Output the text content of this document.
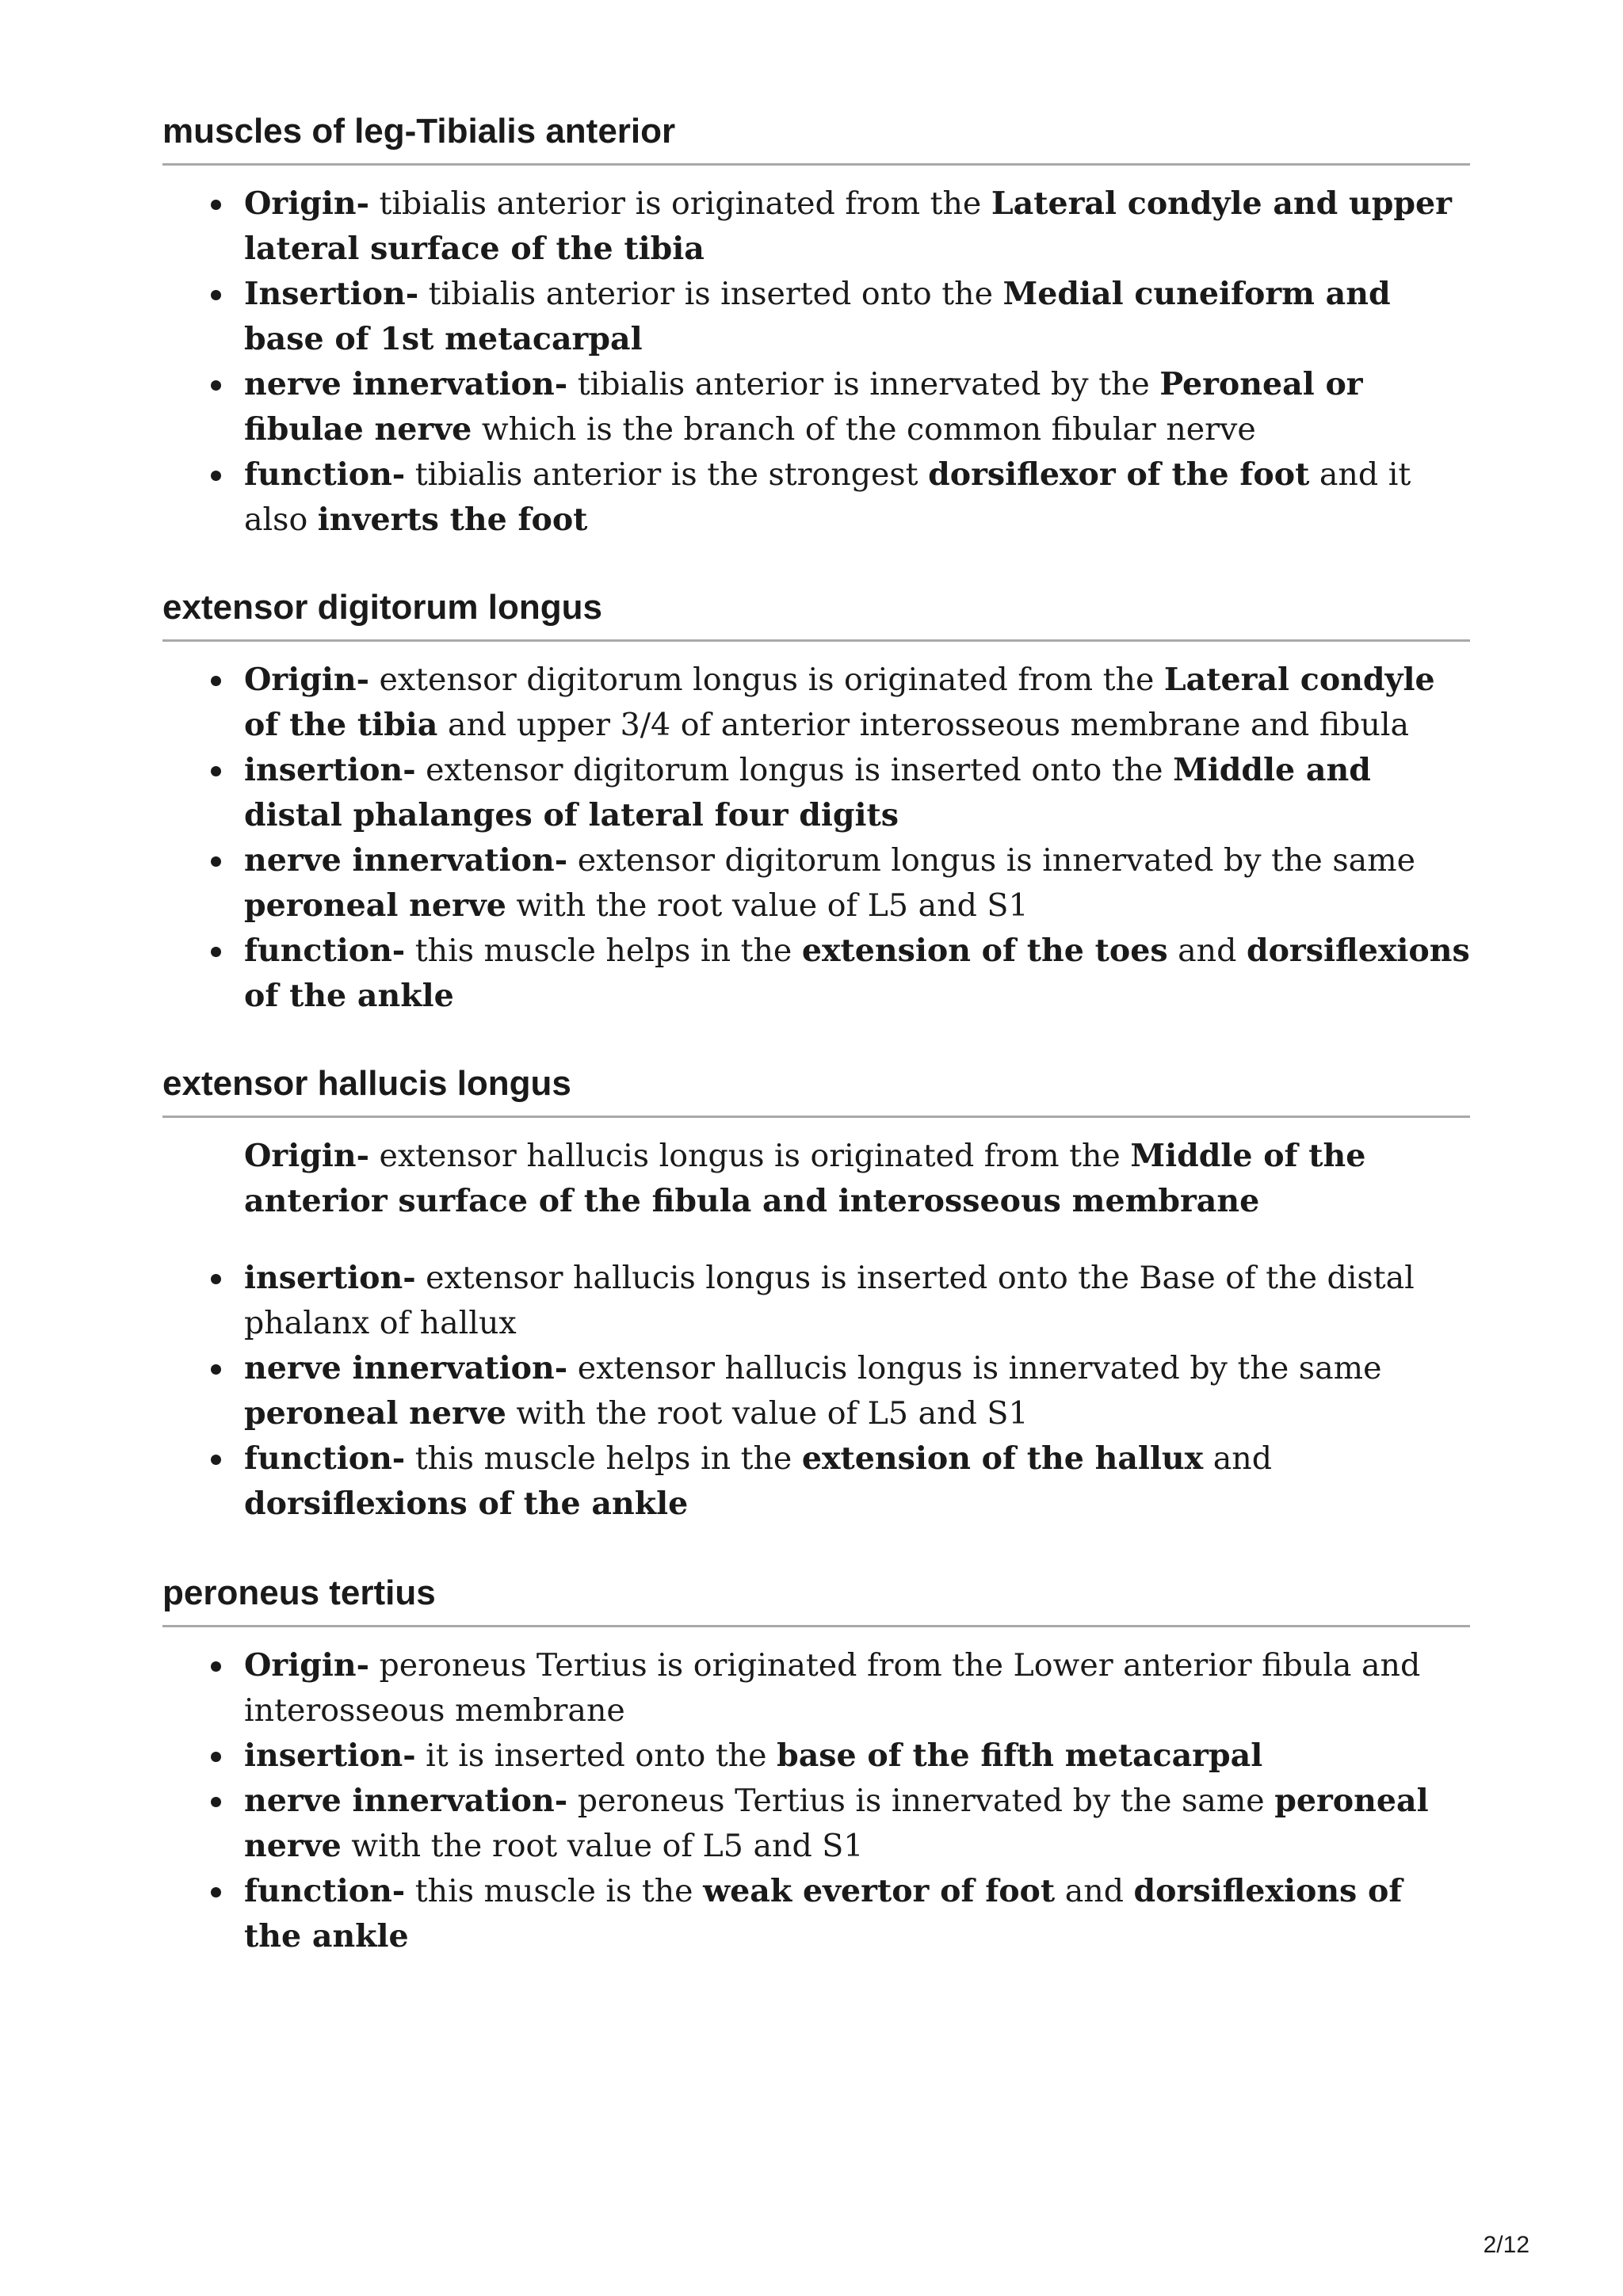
muscles of leg-Tibialis anterior
Origin- tibialis anterior is originated from the Lateral condyle and upper lateral surface of the tibia
Insertion- tibialis anterior is inserted onto the Medial cuneiform and base of 1st metacarpal
nerve innervation- tibialis anterior is innervated by the Peroneal or fibulae nerve which is the branch of the common fibular nerve
function- tibialis anterior is the strongest dorsiflexor of the foot and it also inverts the foot
extensor digitorum longus
Origin- extensor digitorum longus is originated from the Lateral condyle of the tibia and upper 3/4 of anterior interosseous membrane and fibula
insertion- extensor digitorum longus is inserted onto the Middle and distal phalanges of lateral four digits
nerve innervation- extensor digitorum longus is innervated by the same peroneal nerve with the root value of L5 and S1
function- this muscle helps in the extension of the toes and dorsiflexions of the ankle
extensor hallucis longus

Origin- extensor hallucis longus is originated from the Middle of the anterior surface of the fibula and interosseous membrane

insertion- extensor hallucis longus is inserted onto the Base of the distal phalanx of hallux
nerve innervation- extensor hallucis longus is innervated by the same peroneal nerve with the root value of L5 and S1
function- this muscle helps in the extension of the hallux and dorsiflexions of the ankle
peroneus tertius
Origin- peroneus Tertius is originated from the Lower anterior fibula and interosseous membrane
insertion- it is inserted onto the base of the fifth metacarpal
nerve innervation- peroneus Tertius is innervated by the same peroneal nerve with the root value of L5 and S1
function- this muscle is the weak evertor of foot and dorsiflexions of the ankle
2/12
